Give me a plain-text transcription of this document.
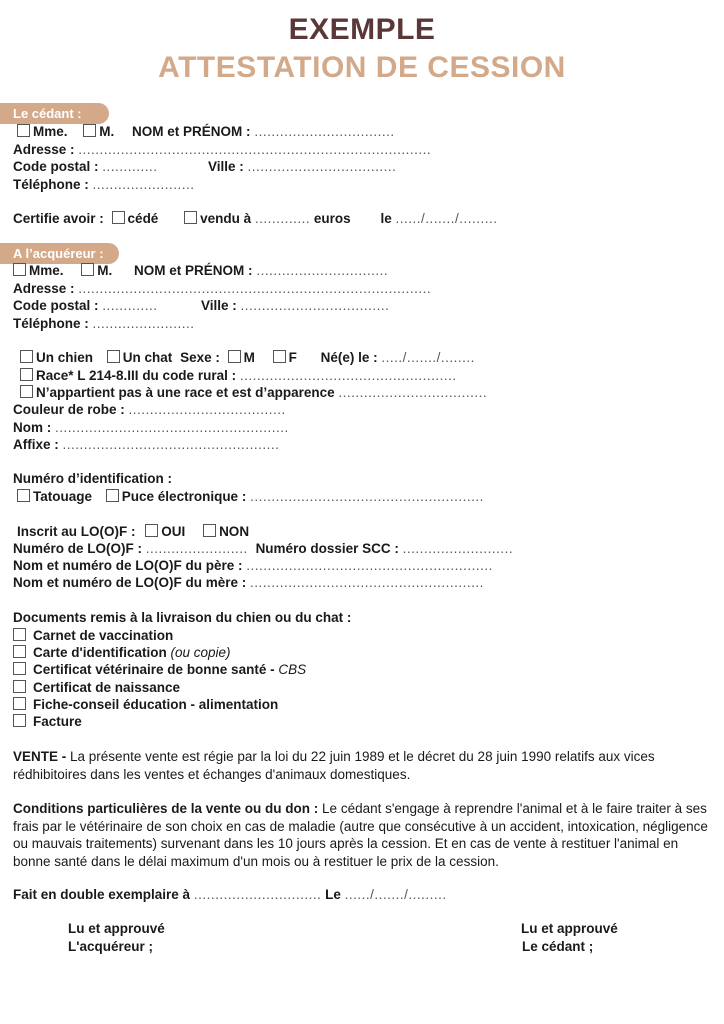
EXEMPLE
ATTESTATION DE CESSION
Le cédant :
Mme. M. NOM et PRÉNOM : .................................
Adresse : ...................................................................................
Code postal : .............	Ville : ...................................
Téléphone : ........................
Certifie avoir : cédé	vendu à ............. euros le ....../......./.........
A l’acquéreur :
Mme.	M. NOM et PRÉNOM : ...............................
Adresse : ...................................................................................
Code postal : .............	Ville : ...................................
Téléphone : ........................
Un chien Un chat Sexe : M	F Né(e) le : ...../......./........
Race* L 214-8.III du code rural : ...................................................
N’appartient pas à une race et est d’apparence ...................................
Couleur de robe : .....................................
Nom : .......................................................
Affixe : ...................................................
Numéro d’identification :
Tatouage Puce électronique : .......................................................
Inscrit au LO(O)F : OUI	NON
Numéro de LO(O)F : ........................ Numéro dossier SCC : ..........................
Nom et numéro de LO(O)F du père : ..........................................................
Nom et numéro de LO(O)F du mère : .......................................................
Documents remis à la livraison du chien ou du chat :
Carnet de vaccination
Carte d'identification (ou copie)
Certificat vétérinaire de bonne santé - CBS
Certificat de naissance
Fiche-conseil éducation - alimentation
Facture
VENTE - La présente vente est régie par la loi du 22 juin 1989 et le décret du 28 juin 1990 relatifs aux vices rédhibitoires dans les ventes et échanges d'animaux domestiques.
Conditions particulières de la vente ou du don : Le cédant s'engage à reprendre l'animal et à le faire traiter à ses frais par le vétérinaire de son choix en cas de maladie (autre que consécutive à un accident, intoxication, négligence ou mauvais traitements) survenant dans les 10 jours après la cession. Et en cas de vente à restituer l'animal en bonne santé dans le délai maximum d'un mois ou à restituer le prix de la cession.
Fait en double exemplaire à .............................. Le ....../......./.........
Lu et approuvé
L'acquéreur ;
Lu et approuvé
Le cédant ;
